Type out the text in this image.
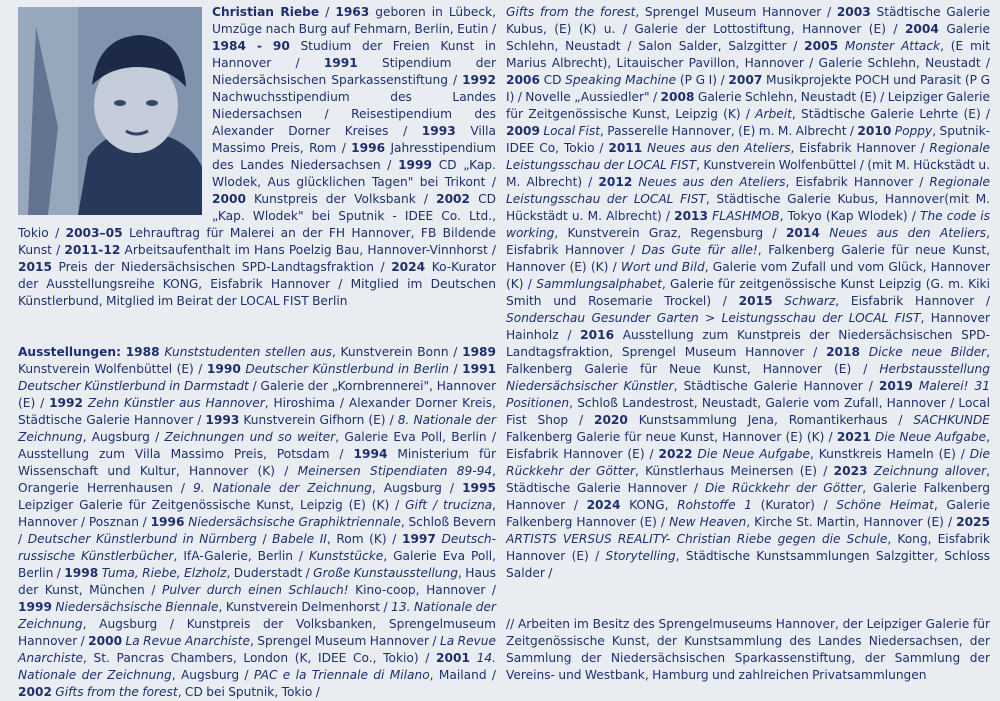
Christian Riebe / 1963 geboren in Lübeck, Umzüge nach Burg auf Fehmarn, Berlin, Eutin / 1984 - 90 Studium der Freien Kunst in Hannover / 1991 Stipendium der Niedersächsischen Sparkassenstiftung / 1992 Nachwuchsstipendium des Landes Niedersachsen / Reisestipendium des Alexander Dorner Kreises / 1993 Villa Massimo Preis, Rom / 1996 Jahresstipendium des Landes Niedersachsen / 1999 CD „Kap. Wlodek, Aus glücklichen Tagen" bei Trikont / 2000 Kunstpreis der Volksbank / 2002 CD „Kap. Wlodek" bei Sputnik - IDEE Co. Ltd., Tokio / 2003–05 Lehrauftrag für Malerei an der FH Hannover, FB Bildende Kunst / 2011-12 Arbeitsaufenthalt im Hans Poelzig Bau, Hannover-Vinnhorst / 2015 Preis der Niedersächsischen SPD-Landtagsfraktion / 2024 Ko-Kurator der Ausstellungsreihe KONG, Eisfabrik Hannover / Mitglied im Deutschen Künstlerbund, Mitglied im Beirat der LOCAL FIST Berlin

Ausstellungen: 1988 Kunststudenten stellen aus, Kunstverein Bonn / 1989 Kunstverein Wolfenbüttel (E) / 1990 Deutscher Künstlerbund in Berlin / 1991 Deutscher Künstlerbund in Darmstadt / Galerie der „Kornbrennerei", Hannover (E) / 1992 Zehn Künstler aus Hannover, Hiroshima / Alexander Dorner Kreis, Städtische Galerie Hannover / 1993 Kunstverein Gifhorn (E) / 8. Nationale der Zeichnung, Augsburg / Zeichnungen und so weiter, Galerie Eva Poll, Berlin / Ausstellung zum Villa Massimo Preis, Potsdam / 1994 Ministerium für Wissenschaft und Kultur, Hannover (K) / Meinersen Stipendiaten 89-94, Orangerie Herrenhausen / 9. Nationale der Zeichnung, Augsburg / 1995 Leipziger Galerie für Zeitgenössische Kunst, Leipzig (E) (K) / Gift / trucizna, Hannover / Posznan / 1996 Niedersächsische Graphiktriennale, Schloß Bevern / Deutscher Künstlerbund in Nürnberg / Babele II, Rom (K) / 1997 Deutsch-russische Künstlerbücher, IfA-Galerie, Berlin / Kunststücke, Galerie Eva Poll, Berlin / 1998 Tuma, Riebe, Elzholz, Duderstadt / Große Kunstausstellung, Haus der Kunst, München / Pulver durch einen Schlauch! Kino-coop, Hannover / 1999 Niedersächsische Biennale, Kunstverein Delmenhorst / 13. Nationale der Zeichnung, Augsburg / Kunstpreis der Volksbanken, Sprengelmuseum Hannover / 2000 La Revue Anarchiste, Sprengel Museum Hannover / La Revue Anarchiste, St. Pancras Chambers, London (K, IDEE Co., Tokio) / 2001 14. Nationale der Zeichnung, Augsburg / PAC e la Triennale di Milano, Mailand / 2002 Gifts from the forest, CD bei Sputnik, Tokio /

Gifts from the forest, Sprengel Museum Hannover / 2003 Städtische Galerie Kubus, (E) (K) u. / Galerie der Lottostiftung, Hannover (E) / 2004 Galerie Schlehn, Neustadt / Salon Salder, Salzgitter / 2005 Monster Attack, (E mit Marius Albrecht), Litauischer Pavillon, Hannover / Galerie Schlehn, Neustadt / 2006 CD Speaking Machine (P G I) / 2007 Musikprojekte POCH und Parasit (P G I) / Novelle „Aussiedler" / 2008 Galerie Schlehn, Neustadt (E) / Leipziger Galerie für Zeitgenössische Kunst, Leipzig (K) / Arbeit, Städtische Galerie Lehrte (E) / 2009 Local Fist, Passerelle Hannover, (E) m. M. Albrecht / 2010 Poppy, Sputnik-IDEE Co, Tokio / 2011 Neues aus den Ateliers, Eisfabrik Hannover / Regionale Leistungsschau der LOCAL FIST, Kunstverein Wolfenbüttel / (mit M. Hückstädt u. M. Albrecht) / 2012 Neues aus den Ateliers, Eisfabrik Hannover / Regionale Leistungsschau der LOCAL FIST, Städtische Galerie Kubus, Hannover(mit M. Hückstädt u. M. Albrecht) / 2013 FLASHMOB, Tokyo (Kap Wlodek) / The code is working, Kunstverein Graz, Regensburg / 2014 Neues aus den Ateliers, Eisfabrik Hannover / Das Gute für alle!, Falkenberg Galerie für neue Kunst, Hannover (E) (K) / Wort und Bild, Galerie vom Zufall und vom Glück, Hannover (K) / Sammlungsalphabet, Galerie für zeitgenössische Kunst Leipzig (G. m. Kiki Smith und Rosemarie Trockel) / 2015 Schwarz, Eisfabrik Hannover / Sonderschau Gesunder Garten > Leistungsschau der LOCAL FIST, Hannover Hainholz / 2016 Ausstellung zum Kunstpreis der Niedersächsischen SPD-Landtagsfraktion, Sprengel Museum Hannover / 2018 Dicke neue Bilder, Falkenberg Galerie für Neue Kunst, Hannover (E) / Herbstausstellung Niedersächsischer Künstler, Städtische Galerie Hannover / 2019 Malerei! 31 Positionen, Schloß Landestrost, Neustadt, Galerie vom Zufall, Hannover / Local Fist Shop / 2020 Kunstsammlung Jena, Romantikerhaus / SACHKUNDE Falkenberg Galerie für neue Kunst, Hannover (E) (K) / 2021 Die Neue Aufgabe, Eisfabrik Hannover (E) / 2022 Die Neue Aufgabe, Kunstkreis Hameln (E) / Die Rückkehr der Götter, Künstlerhaus Meinersen (E) / 2023 Zeichnung allover, Städtische Galerie Hannover / Die Rückkehr der Götter, Galerie Falkenberg Hannover / 2024 KONG, Rohstoffe 1 (Kurator) / Schöne Heimat, Galerie Falkenberg Hannover (E) / New Heaven, Kirche St. Martin, Hannover (E) / 2025 ARTISTS VERSUS REALITY- Christian Riebe gegen die Schule, Kong, Eisfabrik Hannover (E) / Storytelling, Städtische Kunstsammlungen Salzgitter, Schloss Salder /

// Arbeiten im Besitz des Sprengelmuseums Hannover, der Leipziger Galerie für Zeitgenössische Kunst, der Kunstsammlung des Landes Niedersachsen, der Sammlung der Niedersächsischen Sparkassenstiftung, der Sammlung der Vereins- und Westbank, Hamburg und zahlreichen Privatsammlungen
